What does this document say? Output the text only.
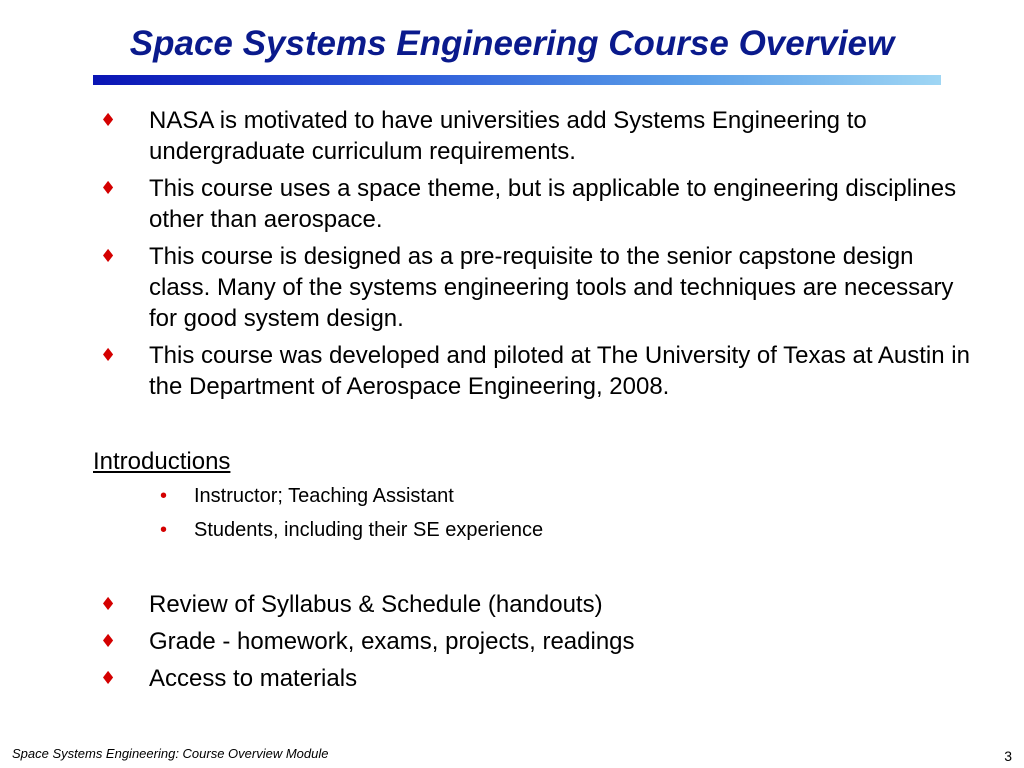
Space Systems Engineering Course Overview
♦ NASA is motivated to have universities add Systems Engineering to undergraduate curriculum requirements.
♦ This course uses a space theme, but is applicable to engineering disciplines other than aerospace.
♦ This course is designed as a pre-requisite to the senior capstone design class. Many of the systems engineering tools and techniques are necessary for good system design.
♦ This course was developed and piloted at The University of Texas at Austin in the Department of Aerospace Engineering, 2008.
Introductions
• Instructor; Teaching Assistant
• Students, including their SE experience
♦ Review of Syllabus & Schedule (handouts)
♦ Grade - homework, exams, projects, readings
♦ Access to materials
Space Systems Engineering: Course Overview Module	3
